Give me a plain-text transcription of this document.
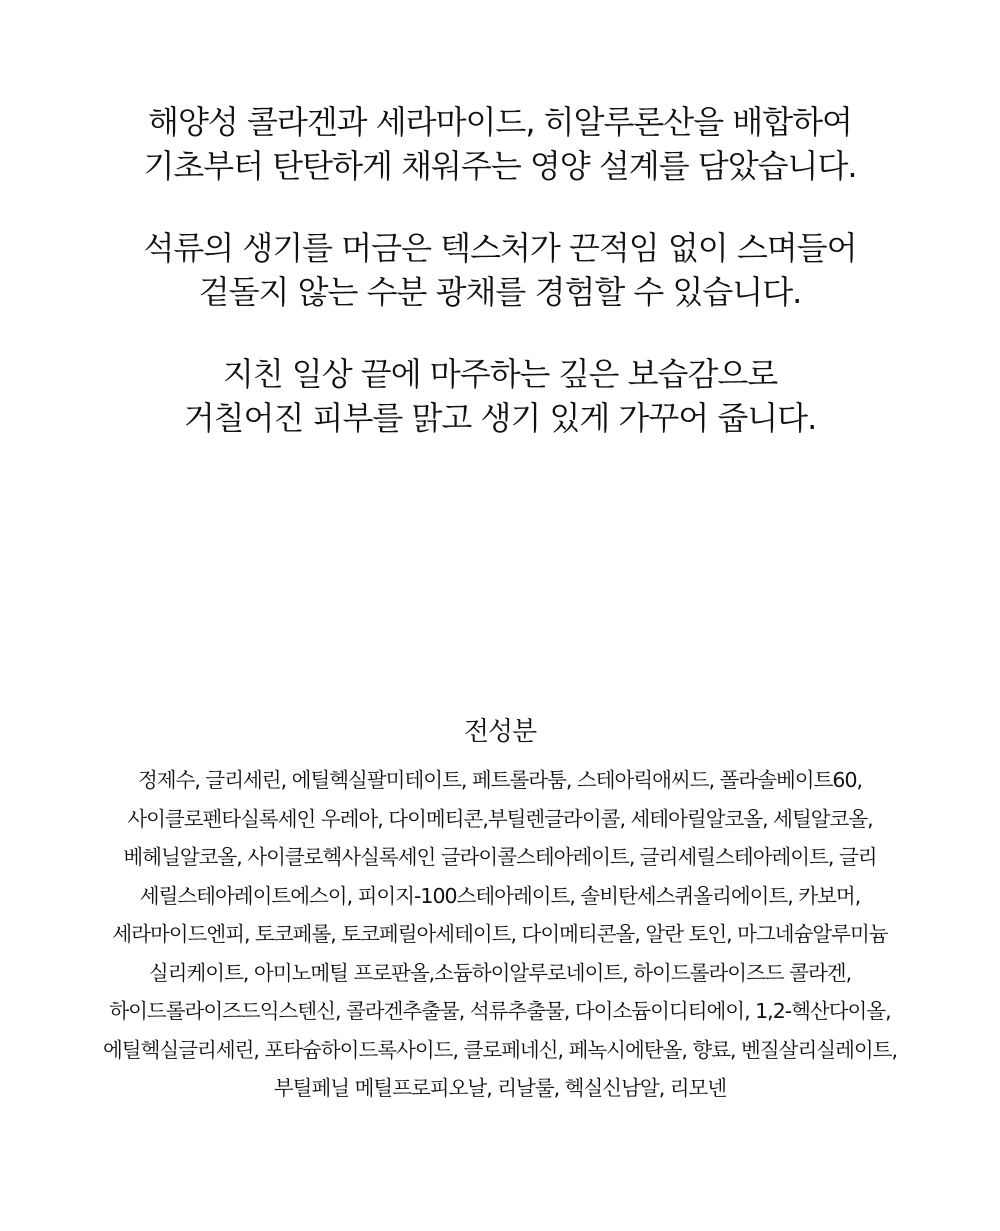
해양성 콜라겐과 세라마이드, 히알루론산을 배합하여
기초부터 탄탄하게 채워주는 영양 설계를 담았습니다.

석류의 생기를 머금은 텍스처가 끈적임 없이 스며들어
겉돌지 않는 수분 광채를 경험할 수 있습니다.

지친 일상 끝에 마주하는 깊은 보습감으로
거칠어진 피부를 맑고 생기 있게 가꾸어 줍니다.

전성분
정제수, 글리세린, 에틸헥실팔미테이트, 페트롤라툼, 스테아릭애씨드, 폴라솔베이트60,
사이클로펜타실록세인 우레아, 다이메티콘,부틸렌글라이콜, 세테아릴알코올, 세틸알코올,
베헤닐알코올, 사이클로헥사실록세인 글라이콜스테아레이트, 글리세릴스테아레이트, 글리
세릴스테아레이트에스이, 피이지-100스테아레이트, 솔비탄세스퀴올리에이트, 카보머,
세라마이드엔피, 토코페롤, 토코페릴아세테이트, 다이메티콘올, 알란 토인, 마그네슘알루미늄
실리케이트, 아미노메틸 프로판올,소듐하이알루로네이트, 하이드롤라이즈드 콜라겐,
하이드롤라이즈드익스텐신, 콜라겐추출물, 석류추출물, 다이소듐이디티에이, 1,2-헥산다이올,
에틸헥실글리세린, 포타슘하이드록사이드, 클로페네신, 페녹시에탄올, 향료, 벤질살리실레이트,
부틸페닐 메틸프로피오날, 리날룰, 헥실신남알, 리모넨
